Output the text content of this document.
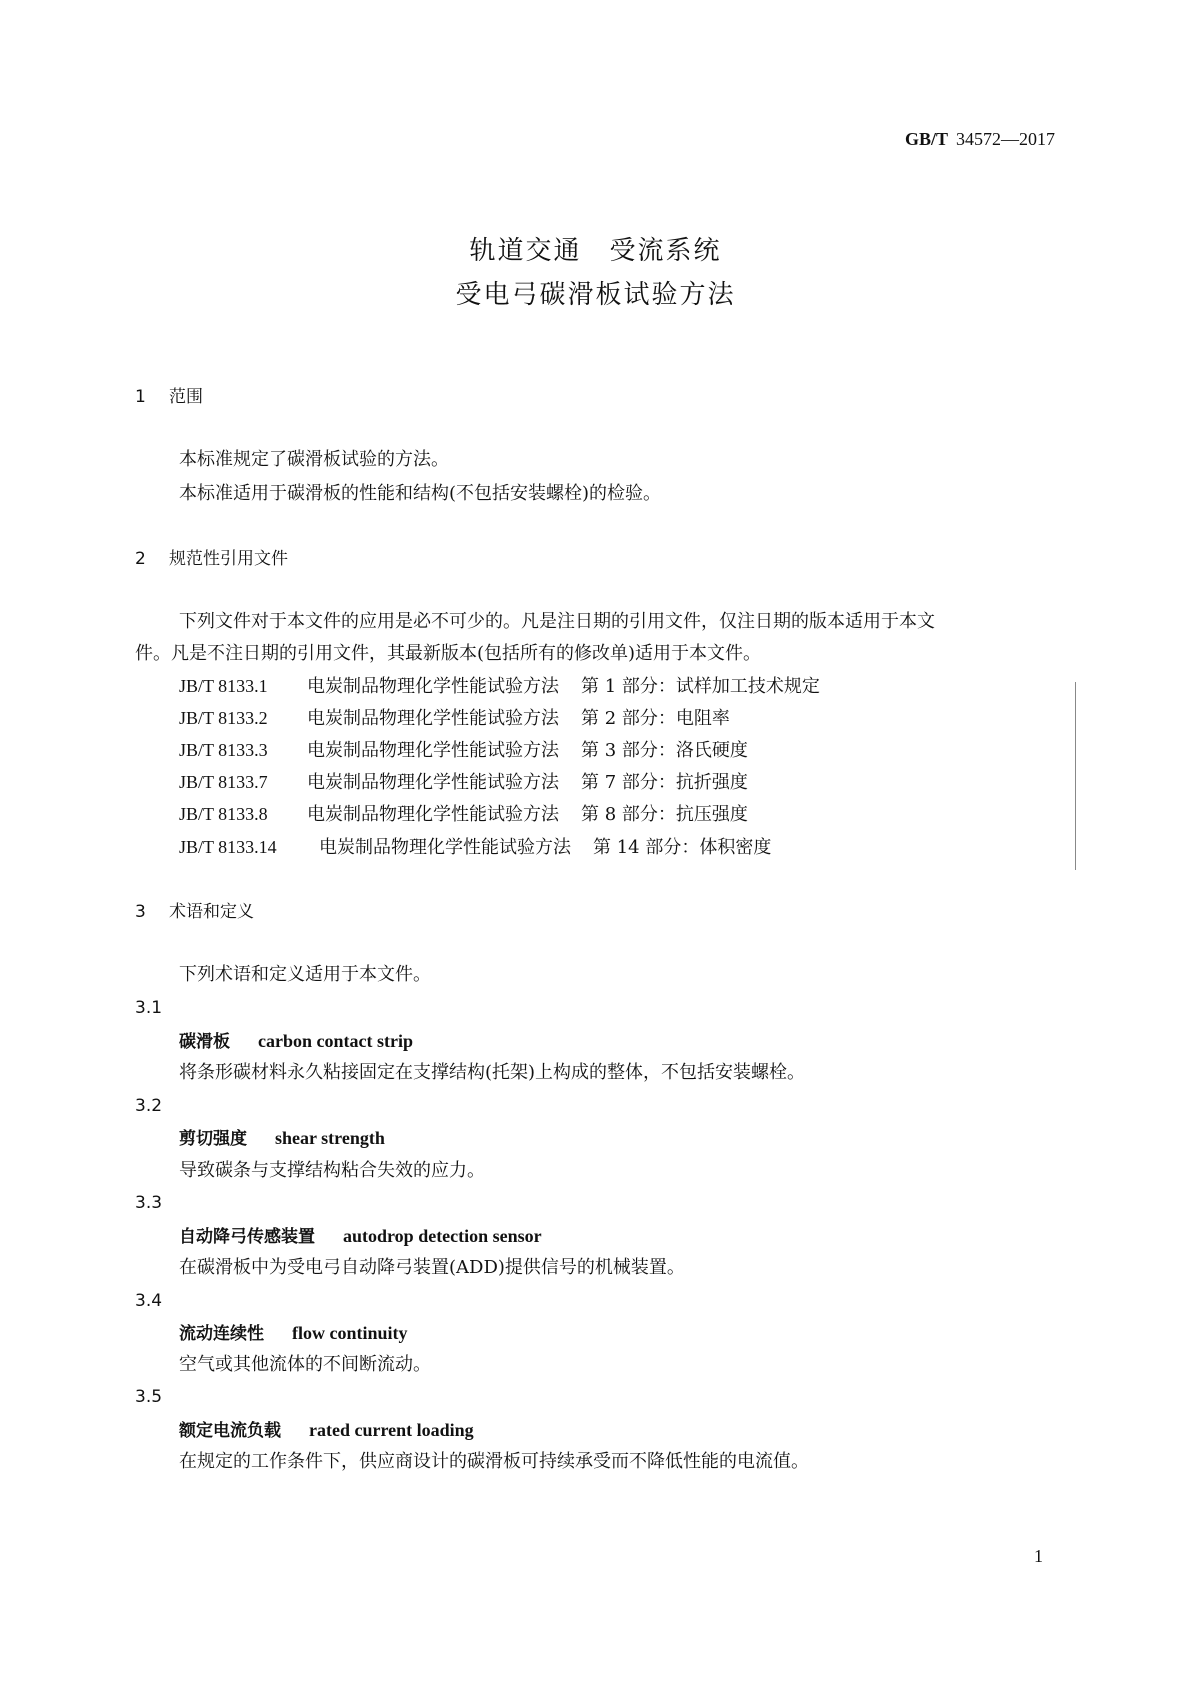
GB/T 34572—2017
轨道交通　受流系统
受电弓碳滑板试验方法
1 范围
本标准规定了碳滑板试验的方法。
本标准适用于碳滑板的性能和结构(不包括安装螺栓)的检验。
2 规范性引用文件
下列文件对于本文件的应用是必不可少的。凡是注日期的引用文件，仅注日期的版本适用于本文
件。凡是不注日期的引用文件，其最新版本(包括所有的修改单)适用于本文件。
JB/T 8133.1 电炭制品物理化学性能试验方法 第 1 部分：试样加工技术规定
JB/T 8133.2 电炭制品物理化学性能试验方法 第 2 部分：电阻率
JB/T 8133.3 电炭制品物理化学性能试验方法 第 3 部分：洛氏硬度
JB/T 8133.7 电炭制品物理化学性能试验方法 第 7 部分：抗折强度
JB/T 8133.8 电炭制品物理化学性能试验方法 第 8 部分：抗压强度
JB/T 8133.14 电炭制品物理化学性能试验方法 第 14 部分：体积密度
3 术语和定义
下列术语和定义适用于本文件。
3.1
碳滑板 carbon contact strip
将条形碳材料永久粘接固定在支撑结构(托架)上构成的整体，不包括安装螺栓。
3.2
剪切强度 shear strength
导致碳条与支撑结构粘合失效的应力。
3.3
自动降弓传感装置 autodrop detection sensor
在碳滑板中为受电弓自动降弓装置(ADD)提供信号的机械装置。
3.4
流动连续性 flow continuity
空气或其他流体的不间断流动。
3.5
额定电流负载 rated current loading
在规定的工作条件下，供应商设计的碳滑板可持续承受而不降低性能的电流值。
1
